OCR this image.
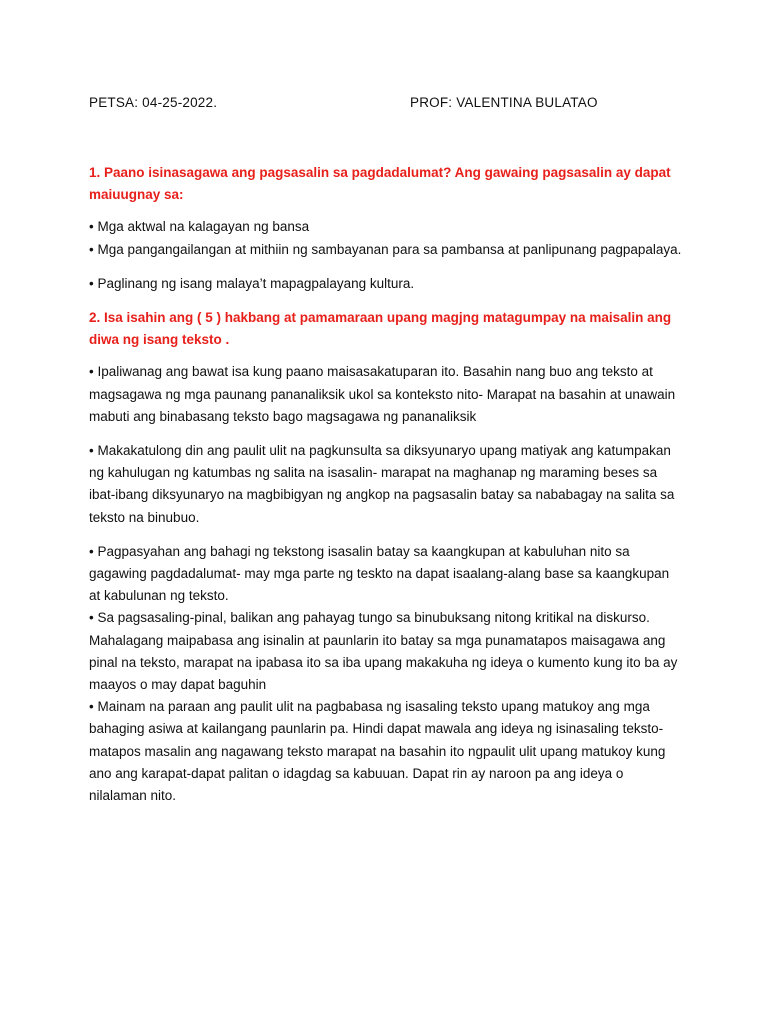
PETSA: 04-25-2022.	PROF: VALENTINA BULATAO
1. Paano isinasagawa ang pagsasalin sa pagdadalumat? Ang gawaing pagsasalin ay dapat maiuugnay sa:
• Mga aktwal na kalagayan ng bansa
• Mga pangangailangan at mithiin ng sambayanan para sa pambansa at panlipunang pagpapalaya.
• Paglinang ng isang malaya’t mapagpalayang kultura.
2. Isa isahin ang ( 5 ) hakbang at pamamaraan upang magjng matagumpay na maisalin ang diwa ng isang teksto .
• Ipaliwanag ang bawat isa kung paano maisasakatuparan ito. Basahin nang buo ang teksto at magsagawa ng mga paunang pananaliksik ukol sa konteksto nito- Marapat na basahin at unawain mabuti ang binabasang teksto bago magsagawa ng pananaliksik
• Makakatulong din ang paulit ulit na pagkunsulta sa diksyunaryo upang matiyak ang katumpakan ng kahulugan ng katumbas ng salita na isasalin- marapat na maghanap ng maraming beses sa ibat-ibang diksyunaryo na magbibigyan ng angkop na pagsasalin batay sa nababagay na salita sa teksto na binubuo.
• Pagpasyahan ang bahagi ng tekstong isasalin batay sa kaangkupan at kabuluhan nito sa gagawing pagdadalumat- may mga parte ng teskto na dapat isaalang-alang base sa kaangkupan at kabulunan ng teksto.
• Sa pagsasaling-pinal, balikan ang pahayag tungo sa binubuksang nitong kritikal na diskurso. Mahalagang maipabasa ang isinalin at paunlarin ito batay sa mga punamatapos maisagawa ang pinal na teksto, marapat na ipabasa ito sa iba upang makakuha ng ideya o kumento kung ito ba ay maayos o may dapat baguhin
• Mainam na paraan ang paulit ulit na pagbabasa ng isasaling teksto upang matukoy ang mga bahaging asiwa at kailangang paunlarin pa. Hindi dapat mawala ang ideya ng isinasaling teksto-matapos masalin ang nagawang teksto marapat na basahin ito ngpaulit ulit upang matukoy kung ano ang karapat-dapat palitan o idagdag sa kabuuan. Dapat rin ay naroon pa ang ideya o nilalaman nito.
